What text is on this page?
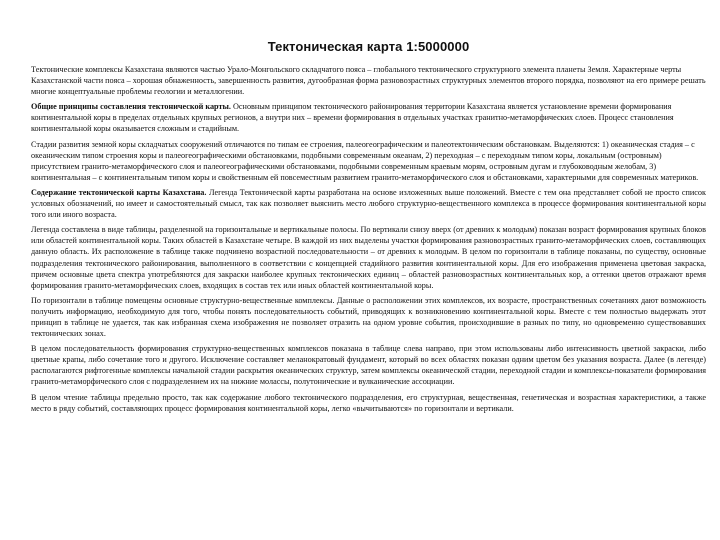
Тектоническая карта 1:5000000

Тектонические комплексы Казахстана являются частью Урало-Монгольского складчатого пояса – глобального тектонического структурного элемента планеты Земля. Характерные черты Казахстанской части пояса – хорошая обнаженность, завершенность развития, дугообразная форма разновозрастных структурных элементов второго порядка, позволяют на его примере решать многие концептуальные проблемы геологии и металлогении.

Общие принципы составления тектонической карты. Основным принципом тектонического районирования территории Казахстана является установление времени формирования континентальной коры в пределах отдельных крупных регионов, а внутри них – времени формирования в отдельных участках гранитно-метаморфических слоев. Процесс становления континентальной коры оказывается сложным и стадийным.

Стадии развития земной коры складчатых сооружений отличаются по типам ее строения, палеогеографическим и палеотектоническим обстановкам. Выделяются: 1) океаническая стадия – с океаническим типом строения коры и палеогеографическими обстановками, подобными современным океанам, 2) переходная – с переходным типом коры, локальным (островным) присутствием гранито-метаморфического слоя и палеогеографическими обстановками, подобными современным краевым морям, островным дугам и глубоководным желобам, 3) континентальная – с континентальным типом коры и свойственным ей повсеместным развитием гранито-метаморфического слоя и обстановками, характерными для современных материков.

Содержание тектонической карты Казахстана. Легенда Тектонической карты разработана на основе изложенных выше положений. Вместе с тем она представляет собой не просто список условных обозначений, но имеет и самостоятельный смысл, так как позволяет выяснить место любого структурно-вещественного комплекса в процессе формирования континентальной коры того или иного возраста.

Легенда составлена в виде таблицы, разделенной на горизонтальные и вертикальные полосы. По вертикали снизу вверх (от древних к молодым) показан возраст формирования крупных блоков или областей континентальной коры. Таких областей в Казахстане четыре. В каждой из них выделены участки формирования разновозрастных гранито-метаморфических слоев, составляющих данную область. Их расположение в таблице также подчинено возрастной последовательности – от древних к молодым. В целом по горизонтали в таблице показаны, по существу, основные подразделения тектонического районирования, выполненного в соответствии с концепцией стадийного развития континентальной коры. Для его изображения применена цветовая закраска, причем основные цвета спектра употребляются для закраски наиболее крупных тектонических единиц – областей разновозрастных континентальных кор, а оттенки цветов отражают время формирования гранито-метаморфических слоев, входящих в состав тех или иных областей континентальной коры.

По горизонтали в таблице помещены основные структурно-вещественные комплексы. Данные о расположении этих комплексов, их возрасте, пространственных сочетаниях дают возможность получить информацию, необходимую для того, чтобы понять последовательность событий, приводящих к возникновению континентальной коры. Вместе с тем полностью выдержать этот принцип в таблице не удается, так как избранная схема изображения не позволяет отразить на одном уровне события, происходившие в разных по типу, но одновременно существовавших тектонических зонах.

В целом последовательность формирования структурно-вещественных комплексов показана в таблице слева направо, при этом использованы либо интенсивность цветной закраски, либо цветные крапы, либо сочетание того и другого. Исключение составляет меланократовый фундамент, который во всех областях показан одним цветом без указания возраста. Далее (в легенде) располагаются рифтогенные комплексы начальной стадии раскрытия океанических структур, затем комплексы океанической стадии, переходной стадии и комплексы-показатели формирования гранито-метаморфического слоя с подразделением их на нижние молассы, полутонические и вулканические ассоциации.

В целом чтение таблицы предельно просто, так как содержание любого тектонического подразделения, его структурная, вещественная, генетическая и возрастная характеристики, а также место в ряду событий, составляющих процесс формирования континентальной коры, легко «вычитываются» по горизонтали и вертикали.
